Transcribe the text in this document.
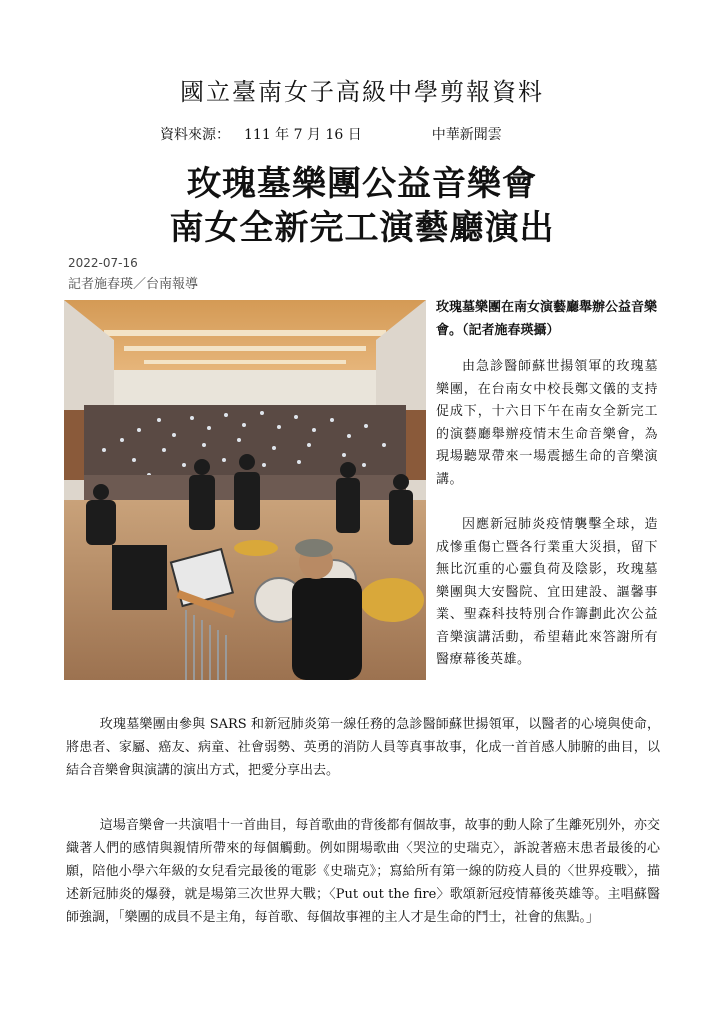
國立臺南女子高級中學剪報資料
資料來源： 111 年 7 月 16 日	中華新聞雲
玫瑰墓樂團公益音樂會
南女全新完工演藝廳演出
2022-07-16
記者施春瑛／台南報導
玫瑰墓樂團在南女演藝廳舉辦公益音樂會。（記者施春瑛攝）
由急診醫師蘇世揚領軍的玫瑰墓樂團，在台南女中校長鄭文儀的支持促成下，十六日下午在南女全新完工的演藝廳舉辦疫情末生命音樂會，為現場聽眾帶來一場震撼生命的音樂演講。
因應新冠肺炎疫情襲擊全球，造成慘重傷亡暨各行業重大災損，留下無比沉重的心靈負荷及陰影，玫瑰墓樂團與大安醫院、宜田建設、謳馨事業、聖森科技特別合作籌劃此次公益音樂演講活動，希望藉此來答謝所有醫療幕後英雄。
玫瑰墓樂團由參與 SARS 和新冠肺炎第一線任務的急診醫師蘇世揚領軍，以醫者的心境與使命，將患者、家屬、癌友、病童、社會弱勢、英勇的消防人員等真事故事，化成一首首感人肺腑的曲目，以結合音樂會與演講的演出方式，把愛分享出去。
這場音樂會一共演唱十一首曲目，每首歌曲的背後都有個故事，故事的動人除了生離死別外，亦交織著人們的感情與親情所帶來的每個觸動。例如開場歌曲〈哭泣的史瑞克〉，訴說著癌末患者最後的心願，陪他小學六年級的女兒看完最後的電影《史瑞克》；寫給所有第一線的防疫人員的〈世界疫戰〉，描述新冠肺炎的爆發，就是場第三次世界大戰；〈Put out the fire〉歌頌新冠疫情幕後英雄等。主唱蘇醫師強調，「樂團的成員不是主角，每首歌、每個故事裡的主人才是生命的鬥士，社會的焦點。」
